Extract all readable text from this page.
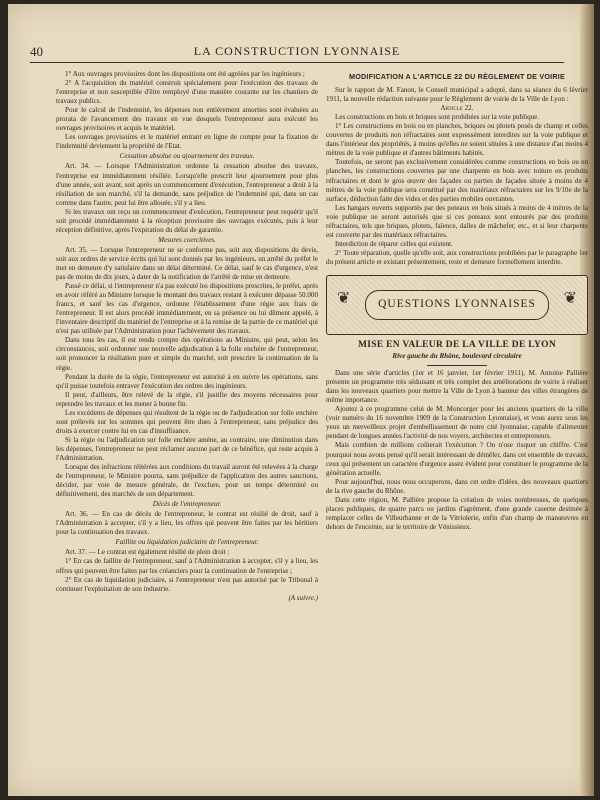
40	LA CONSTRUCTION LYONNAISE

1° Aux ouvrages provisoires dont les dispositions ont été agréées par les ingénieurs ;

2° A l'acquisition du matériel construit spécialement pour l'exécution des travaux de l'entreprise et non susceptible d'être remployé d'une manière courante sur les chantiers de travaux publics.

Pour le calcul de l'indemnité, les dépenses non entièrement amorties sont évaluées au prorata de l'avancement des travaux en vue desquels l'entrepreneur aura exécuté les ouvrages provisoires et acquis le matériel.

Les ouvrages provisoires et le matériel entrant en ligne de compte pour la fixation de l'indemnité deviennent la propriété de l'Etat.

Cessation absolue ou ajournement des travaux.

Art. 34. — Lorsque l'Administration ordonne la cessation absolue des travaux, l'entreprise est immédiatement résiliée. Lorsqu'elle prescrit leur ajournement pour plus d'une année, soit avant, soit après un commencement d'exécution, l'entrepreneur a droit à la résiliation de son marché, s'il la demande, sans préjudice de l'indemnité qui, dans un cas comme dans l'autre, peut lui être allouée, s'il y a lieu.

Si les travaux ont reçu un commencement d'exécution, l'entrepreneur peut requérir qu'il soit procédé immédiatement à la réception provisoire des ouvrages exécutés, puis à leur réception définitive, après l'expiration du délai de garantie.

Mesures coercitives.

Art. 35. — Lorsque l'entrepreneur ne se conforme pas, soit aux dispositions du devis, soit aux ordres de service écrits qui lui sont donnés par les ingénieurs, un arrêté du préfet le met en demeure d'y satisfaire dans un délai déterminé. Ce délai, sauf le cas d'urgence, n'est pas de moins de dix jours, à dater de la notification de l'arrêté de mise en demeure.

Passé ce délai, si l'entrepreneur n'a pas exécuté les dispositions prescrites, le préfet, après en avoir référé au Ministre lorsque le montant des travaux restant à exécuter dépasse 50.000 francs, et sauf les cas d'urgence, ordonne l'établissement d'une régie aux frais de l'entrepreneur. Il est alors procédé immédiatement, en sa présence ou lui dûment appelé, à l'inventaire descriptif du matériel de l'entreprise et à la remise de la partie de ce matériel qui n'est pas utilisée par l'Administration pour l'achèvement des travaux.

Dans tous les cas, il est rendu compte des opérations au Ministre, qui peut, selon les circonstances, soit ordonner une nouvelle adjudication à la folle enchère de l'entrepreneur, soit prononcer la résiliation pure et simple du marché, soit prescrire la continuation de la régie.

Pendant la durée de la régie, l'entrepreneur est autorisé à en suivre les opérations, sans qu'il puisse toutefois entraver l'exécution des ordres des ingénieurs.

Il peut, d'ailleurs, être relevé de la régie, s'il justifie des moyens nécessaires pour reprendre les travaux et les mener à bonne fin.

Les excédents de dépenses qui résultent de la régie ou de l'adjudication sur folle enchère sont prélevés sur les sommes qui peuvent être dues à l'entrepreneur, sans préjudice des droits à exercer contre lui en cas d'insuffisance.

Si la régie ou l'adjudication sur folle enchère amène, au contraire, une diminution dans les dépenses, l'entrepreneur ne peut réclamer aucune part de ce bénéfice, qui reste acquis à l'Administration.

Lorsque des infractions réitérées aux conditions du travail auront été relevées à la charge de l'entrepreneur, le Ministre pourra, sans préjudice de l'application des autres sanctions, décider, par voie de mesure générale, de l'exclure, pour un temps déterminé ou définitivement, des marchés de son département.

Décès de l'entrepreneur.

Art. 36. — En cas de décès de l'entrepreneur, le contrat est résilié de droit, sauf à l'Administration à accepter, s'il y a lieu, les offres qui peuvent être faites par les héritiers pour la continuation des travaux.

Faillite ou liquidation judiciaire de l'entrepreneur.

Art. 37. — Le contrat est également résilié de plein droit :

1° En cas de faillite de l'entrepreneur, sauf à l'Administration à accepter, s'il y a lieu, les offres qui peuvent être faites par les créanciers pour la continuation de l'entreprise ;

2° En cas de liquidation judiciaire, si l'entrepreneur n'est pas autorisé par le Tribunal à continuer l'exploitation de son industrie.

(A suivre.)

MODIFICATION A L'ARTICLE 22 DU RÈGLEMENT DE VOIRIE

Sur le rapport de M. Fanon, le Conseil municipal a adopté, dans sa séance du 6 février 1911, la nouvelle rédaction suivante pour le Règlement de voirie de la Ville de Lyon :

Article 22.

Les constructions en bois et briques sont prohibées sur la voie publique.

1° Les constructions en bois ou en planches, briques ou plotets posés de champ et celles couvertes de produits non réfractaires sont expressément interdites sur la voie publique et dans l'intérieur des propriétés, à moins qu'elles ne soient situées à une distance d'au moins 4 mètres de la voie publique et d'autres bâtiments habités.

Toutefois, ne seront pas exclusivement considérées comme constructions en bois ou en planches, les constructions couvertes par une charpente en bois avec toiture en produits réfractaires et dont le gros œuvre des façades ou parties de façades située à moins de 4 mètres de la voie publique sera constitué par des matériaux réfractaires sur les 9/10e de la surface, déduction faite des vides et des parties mobiles ouvrantes.

Les hangars ouverts supportés par des poteaux en bois situés à moins de 4 mètres de la voie publique ne seront autorisés que si ces poteaux sont entourés par des produits réfractaires, tels que briques, plotets, faïence, dalles de mâchefer, etc., et si leur charpente est couverte par des matériaux réfractaires.

Interdiction de réparer celles qui existent.

2° Toute réparation, quelle qu'elle soit, aux constructions prohibées par le paragraphe 1er du présent article et existant présentement, reste et demeure formellement interdite.

❦	QUESTIONS LYONNAISES	❦
MISE EN VALEUR DE LA VILLE DE LYON
Rive gauche du Rhône, boulevard circulaire

Dans une série d'articles (1er et 16 janvier, 1er février 1911), M. Antoine Pallière présente un programme très séduisant et très complet des améliorations de voirie à réaliser dans les nouveaux quartiers pour mettre la Ville de Lyon à hauteur des villes étrangères de même importance.

Ajoutez à ce programme celui de M. Moncorger pour les anciens quartiers de la ville (voir numéro du 16 novembre 1909 de la Construction Lyonnaise), et vous aurez sous les yeux un merveilleux projet d'embellissement de notre cité lyonnaise, capable d'alimenter pendant de longues années l'activité de nos voyers, architectes et entrepreneurs.

Mais combien de millions coûterait l'exécution ? On n'ose risquer un chiffre. C'est pourquoi nous avons pensé qu'il serait intéressant de démêler, dans cet ensemble de travaux, ceux qui présentent un caractère d'urgence assez évident pour constituer le programme de la génération actuelle.

Pour aujourd'hui, nous nous occuperons, dans cet ordre d'idées, des nouveaux quartiers de la rive gauche du Rhône.

Dans cette région, M. Pallière propose la création de voies nombreuses, de quelques places publiques, de quatre parcs ou jardins d'agrément, d'une grande caserne destinée à remplacer celles de Villeurbanne et de la Vitriolerie, enfin d'un champ de manœuvres en dehors de l'enceinte, sur le territoire de Vénissieux.
